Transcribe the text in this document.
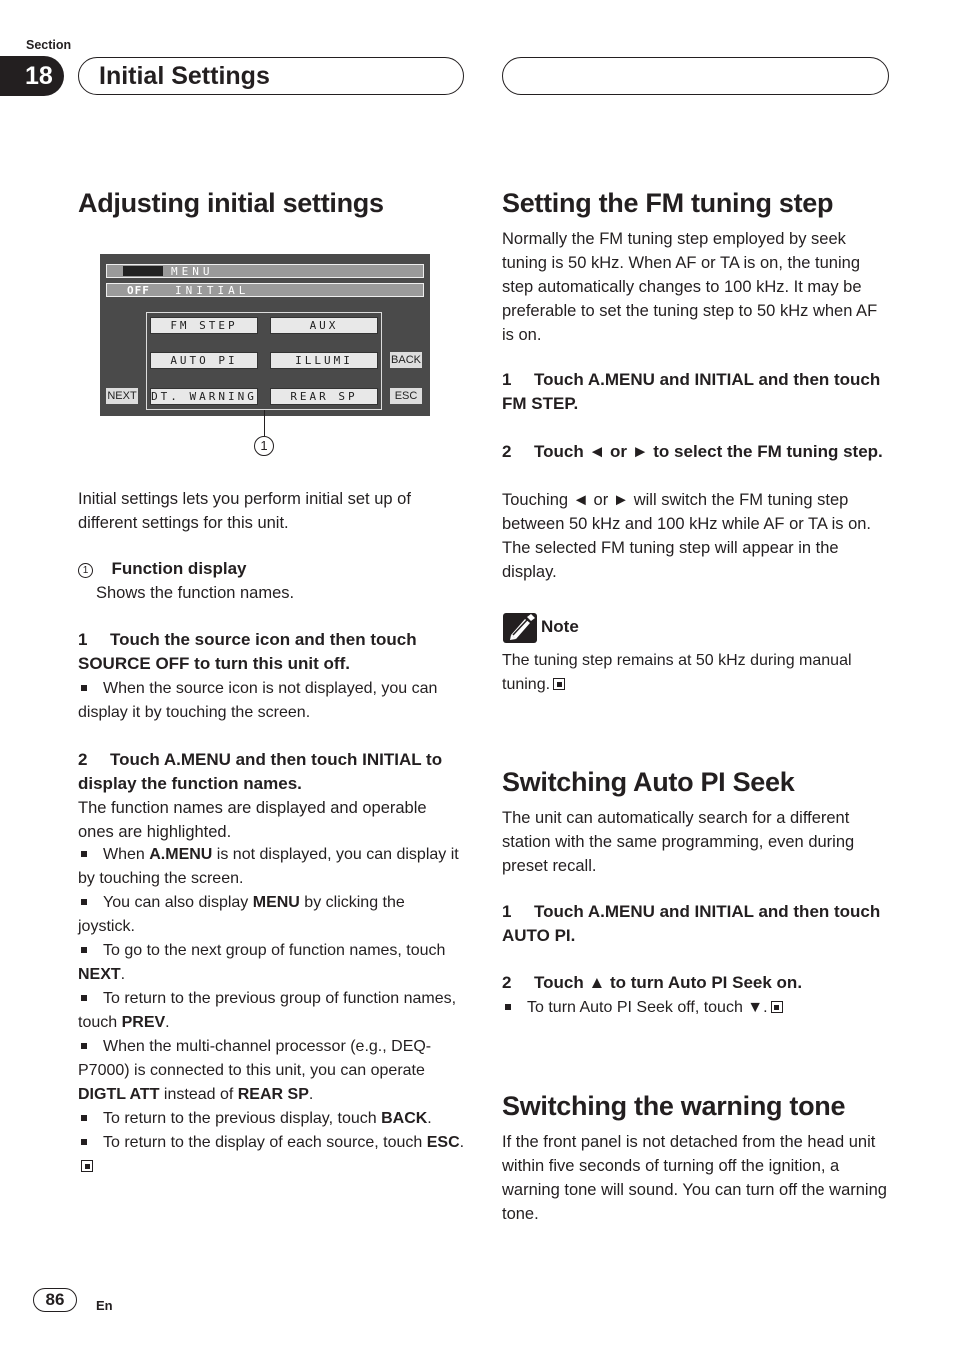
Section
18	Initial Settings
Adjusting initial settings
MENU
OFF INITIAL
FM STEP	AUX
AUTO PI	ILLUMI
DT. WARNING	REAR SP
BACK
NEXT	ESC
1
Initial settings lets you perform initial set up of different settings for this unit.
1 Function display
Shows the function names.
1 Touch the source icon and then touch SOURCE OFF to turn this unit off.
When the source icon is not displayed, you can display it by touching the screen.
2 Touch A.MENU and then touch INITIAL to display the function names.
The function names are displayed and operable ones are highlighted.
When A.MENU is not displayed, you can display it by touching the screen.
You can also display MENU by clicking the joystick.
To go to the next group of function names, touch NEXT.
To return to the previous group of function names, touch PREV.
When the multi-channel processor (e.g., DEQ-P7000) is connected to this unit, you can operate DIGTL ATT instead of REAR SP.
To return to the previous display, touch BACK.
To return to the display of each source, touch ESC.
Setting the FM tuning step
Normally the FM tuning step employed by seek tuning is 50 kHz. When AF or TA is on, the tuning step automatically changes to 100 kHz. It may be preferable to set the tuning step to 50 kHz when AF is on.
1 Touch A.MENU and INITIAL and then touch FM STEP.
2 Touch ◄ or ► to select the FM tuning step.
Touching ◄ or ► will switch the FM tuning step between 50 kHz and 100 kHz while AF or TA is on. The selected FM tuning step will appear in the display.
Note
The tuning step remains at 50 kHz during manual tuning.
Switching Auto PI Seek
The unit can automatically search for a different station with the same programming, even during preset recall.
1 Touch A.MENU and INITIAL and then touch AUTO PI.
2 Touch ▲ to turn Auto PI Seek on.
To turn Auto PI Seek off, touch ▼.
Switching the warning tone
If the front panel is not detached from the head unit within five seconds of turning off the ignition, a warning tone will sound. You can turn off the warning tone.
86	En
